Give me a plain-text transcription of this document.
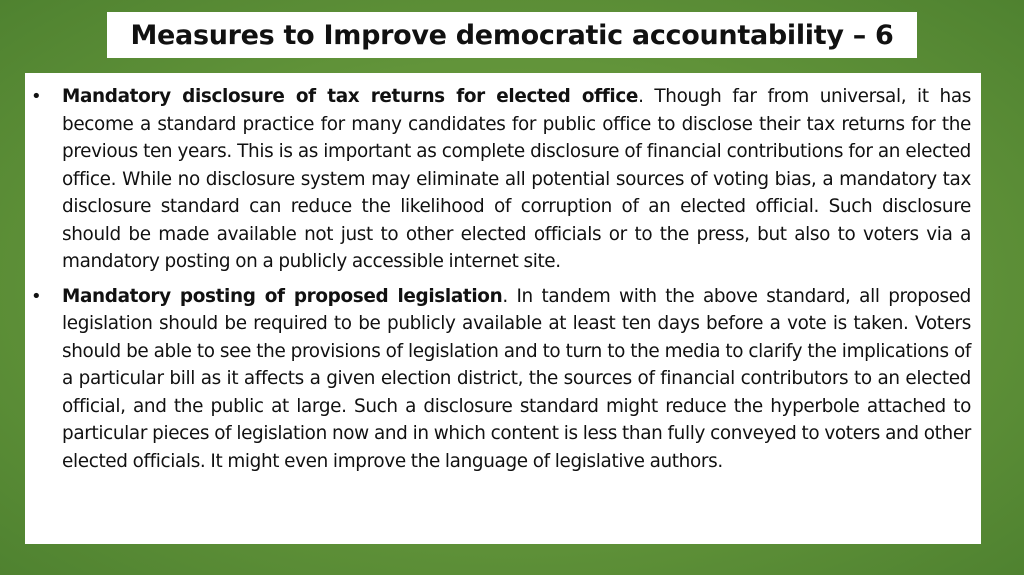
Measures to Improve democratic accountability – 6
• Mandatory disclosure of tax returns for elected office. Though far from universal, it has become a standard practice for many candidates for public office to disclose their tax returns for the previous ten years. This is as important as complete disclosure of financial contributions for an elected office. While no disclosure system may eliminate all potential sources of voting bias, a mandatory tax disclosure standard can reduce the likelihood of corruption of an elected official. Such disclosure should be made available not just to other elected officials or to the press, but also to voters via a mandatory posting on a publicly accessible internet site.
• Mandatory posting of proposed legislation. In tandem with the above standard, all proposed legislation should be required to be publicly available at least ten days before a vote is taken. Voters should be able to see the provisions of legislation and to turn to the media to clarify the implications of a particular bill as it affects a given election district, the sources of financial contributors to an elected official, and the public at large. Such a disclosure standard might reduce the hyperbole attached to particular pieces of legislation now and in which content is less than fully conveyed to voters and other elected officials. It might even improve the language of legislative authors.
